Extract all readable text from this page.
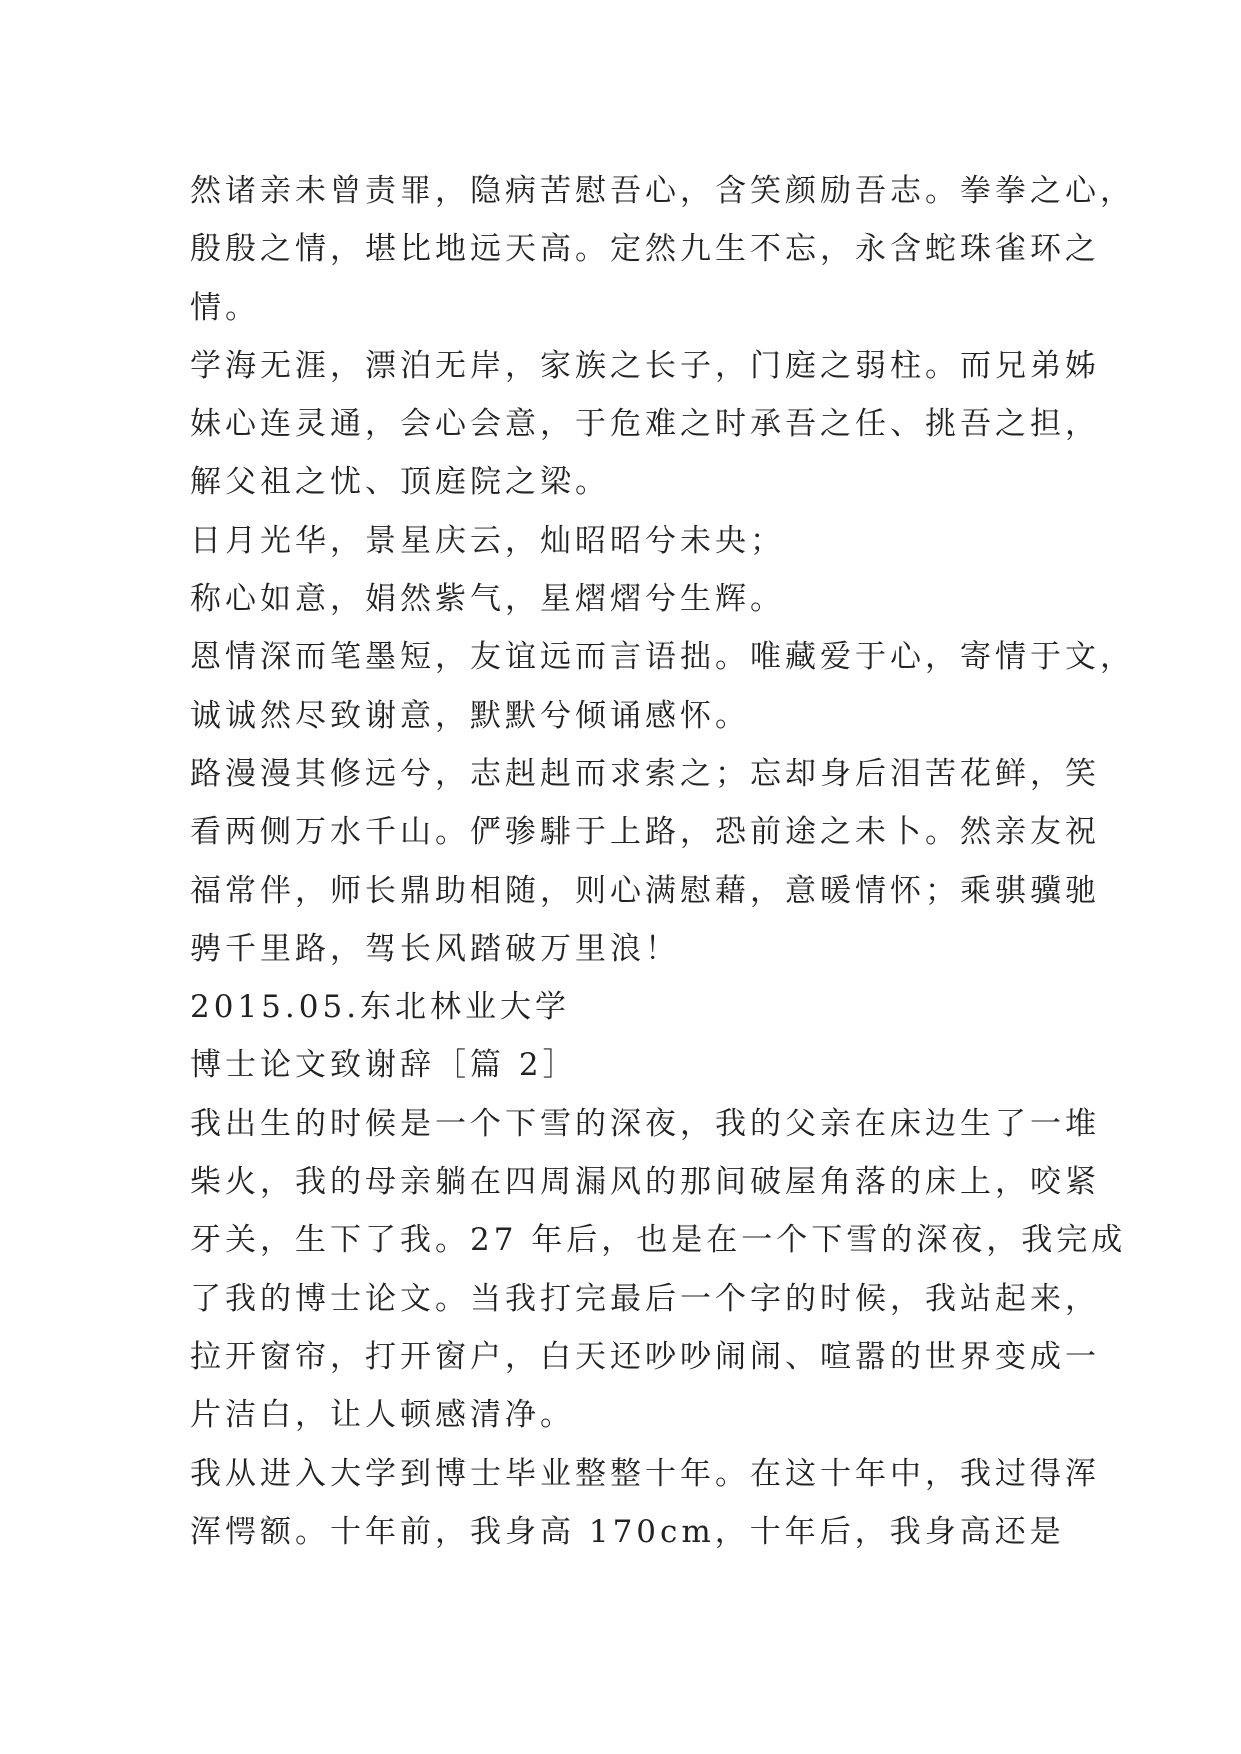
然诸亲未曾责罪，隐病苦慰吾心，含笑颜励吾志。拳拳之心，
殷殷之情，堪比地远天高。定然九生不忘，永含蛇珠雀环之
情。
学海无涯，漂泊无岸，家族之长子，门庭之弱柱。而兄弟姊
妹心连灵通，会心会意，于危难之时承吾之任、挑吾之担，
解父祖之忧、顶庭院之梁。
日月光华，景星庆云，灿昭昭兮未央；
称心如意，娟然紫气，星熠熠兮生辉。
恩情深而笔墨短，友谊远而言语拙。唯藏爱于心，寄情于文，
诚诚然尽致谢意，默默兮倾诵感怀。
路漫漫其修远兮，志赳赳而求索之；忘却身后泪苦花鲜，笑
看两侧万水千山。俨骖騑于上路，恐前途之未卜。然亲友祝
福常伴，师长鼎助相随，则心满慰藉，意暖情怀；乘骐骥驰
骋千里路，驾长风踏破万里浪！
2015.05.东北林业大学
博士论文致谢辞［篇 2］
我出生的时候是一个下雪的深夜，我的父亲在床边生了一堆
柴火，我的母亲躺在四周漏风的那间破屋角落的床上，咬紧
牙关，生下了我。27 年后，也是在一个下雪的深夜，我完成
了我的博士论文。当我打完最后一个字的时候，我站起来，
拉开窗帘，打开窗户，白天还吵吵闹闹、喧嚣的世界变成一
片洁白，让人顿感清净。
我从进入大学到博士毕业整整十年。在这十年中，我过得浑
浑愕额。十年前，我身高 170cm，十年后，我身高还是
